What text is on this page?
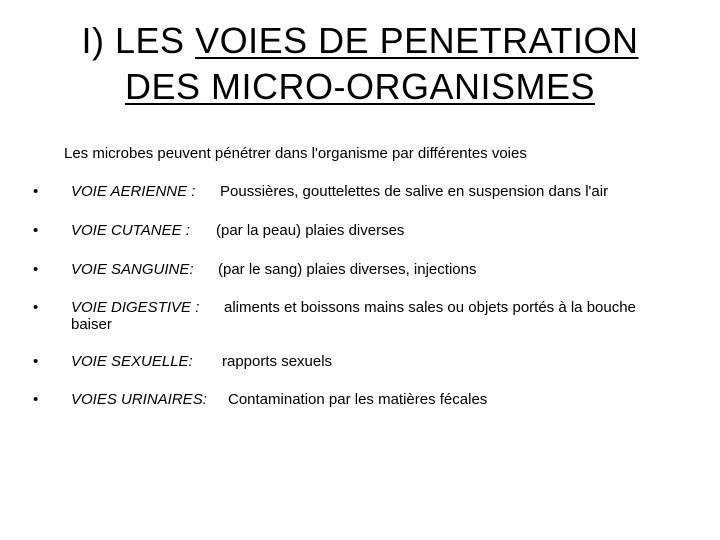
I) LES VOIES DE PENETRATION
DES MICRO-ORGANISMES
Les microbes peuvent pénétrer dans l'organisme par différentes voies
• VOIE AERIENNE : Poussières, gouttelettes de salive en suspension dans l'air
• VOIE CUTANEE : (par la peau) plaies diverses
• VOIE SANGUINE: (par le sang) plaies diverses, injections
• VOIE DIGESTIVE :
baiser
aliments et boissons mains sales ou objets portés à la bouche
• VOIE SEXUELLE: rapports sexuels
• VOIES URINAIRES: Contamination par les matières fécales
